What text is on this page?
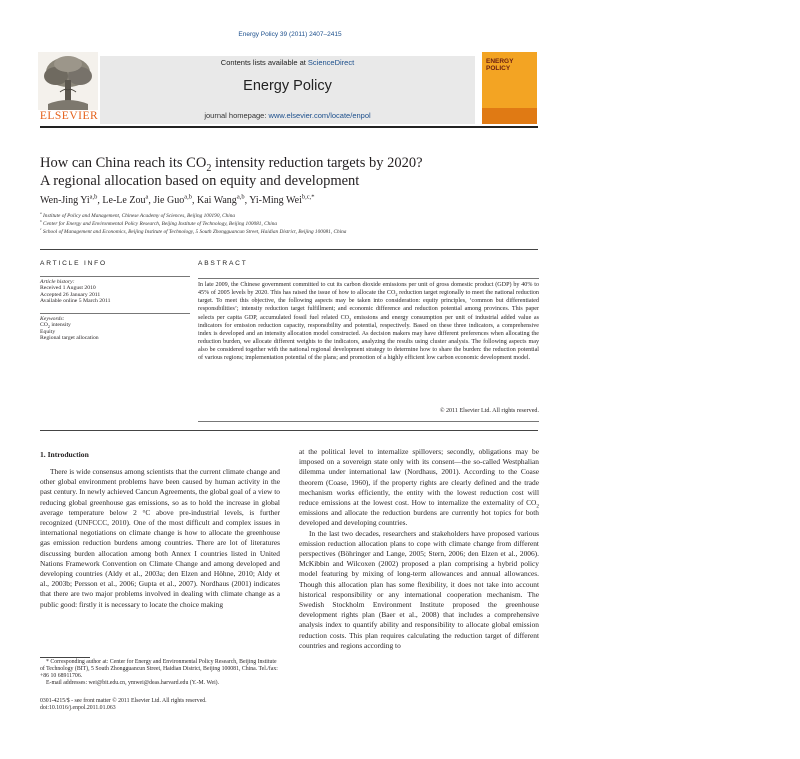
Energy Policy 39 (2011) 2407–2415
ELSEVIER
Contents lists available at ScienceDirect
Energy Policy
journal homepage: www.elsevier.com/locate/enpol
ENERGY
POLICY
How can China reach its $CO_2$ intensity reduction targets by 2020?
A regional allocation based on equity and development
Wen-Jing Yi$^{a,b}$, Le-Le Zou$^a$, Jie Guo$^{a,b}$, Kai Wang$^{a,b}$, Yi-Ming Wei$^{b,c,*}$
$^a$ Institute of Policy and Management, Chinese Academy of Sciences, Beijing 100190, China
$^b$ Center for Energy and Environmental Policy Research, Beijing Institute of Technology, Beijing 100081, China
$^c$ School of Management and Economics, Beijing Institute of Technology, 5 South Zhongguancun Street, Haidian District, Beijing 100081, China
ARTICLE INFO
Article history:
Received 1 August 2010
Accepted 26 January 2011
Available online 5 March 2011
Keywords:
$CO_2$ intensity
Equity
Regional target allocation
ABSTRACT
In late 2009, the Chinese government committed to cut its carbon dioxide emissions per unit of gross domestic product (GDP) by 40% to 45% of 2005 levels by 2020. This has raised the issue of how to allocate the $CO_2$ reduction target regionally to meet the national reduction target. To meet this objective, the following aspects may be taken into consideration: equity principles, ‘common but differentiated responsibilities’; intensity reduction target fulfillment; and economic difference and reduction potential among provinces. This paper selects per capita GDP, accumulated fossil fuel related $CO_2$ emissions and energy consumption per unit of industrial added value as indicators for emission reduction capacity, responsibility and potential, respectively. Based on these three indicators, a comprehensive index is developed and an intensity allocation model constructed. As decision makers may have different preferences when allocating the reduction burden, we allocate different weights to the indicators, analyzing the results using cluster analysis. The following aspects may also be considered together with the national regional development strategy to determine how to share the burden: the reduction potential of various regions; implementation potential of the plans; and promotion of a highly efficient low carbon economic development model.
© 2011 Elsevier Ltd. All rights reserved.
1. Introduction

There is wide consensus among scientists that the current climate change and other global environment problems have been caused by human activity in the past century. In newly achieved Cancun Agreements, the global goal of a view to reducing global greenhouse gas emissions, so as to hold the increase in global average temperature below 2 °C above pre-industrial levels, is further recognized (UNFCCC, 2010). One of the most difficult and complex issues in international negotiations on climate change is how to allocate the greenhouse gas emission reduction burdens among countries. There are lot of literatures discussing burden allocation among both Annex I countries listed in United Nations Framework Convention on Climate Change and among developed and developing countries (Aldy et al., 2003a; den Elzen and Höhne, 2010; Aldy et al., 2003b; Persson et al., 2006; Gupta et al., 2007). Nordhaus (2001) indicates that there are two major problems involved in dealing with climate change as a public good: firstly it is necessary to locate the choice making

at the political level to internalize spillovers; secondly, obligations may be imposed on a sovereign state only with its consent—the so-called Westphalian dilemma under international law (Nordhaus, 2001). According to the Coase theorem (Coase, 1960), if the property rights are clearly defined and the trade mechanism works efficiently, the entity with the lowest reduction cost will reduce emissions at the lowest cost. How to internalize the externality of $CO_2$ emissions and allocate the reduction burdens are currently hot topics for both developed and developing countries.

In the last two decades, researchers and stakeholders have proposed various emission reduction allocation plans to cope with climate change from different perspectives (Böhringer and Lange, 2005; Stern, 2006; den Elzen et al., 2006). McKibbin and Wilcoxen (2002) proposed a plan comprising a hybrid policy model featuring by mixing of long-term allowances and annual allowances. Though this allocation plan has some flexibility, it does not take into account historical responsibility or any international cooperation mechanism. The Swedish Stockholm Environment Institute proposed the greenhouse development rights plan (Baer et al., 2008) that includes a comprehensive analysis index to quantify ability and responsibility to allocate global emission reduction costs. This plan requires calculating the reduction target of different countries and regions according to

* Corresponding author at: Center for Energy and Environmental Policy Research, Beijing Institute of Technology (BIT), 5 South Zhongguancun Street, Haidian District, Beijing 100081, China. Tel./fax: +86 10 68911706.
E-mail addresses: wei@bit.edu.cn, ymwei@deas.harvard.edu (Y.-M. Wei).
0301-4215/$ - see front matter © 2011 Elsevier Ltd. All rights reserved.
doi:10.1016/j.enpol.2011.01.063
